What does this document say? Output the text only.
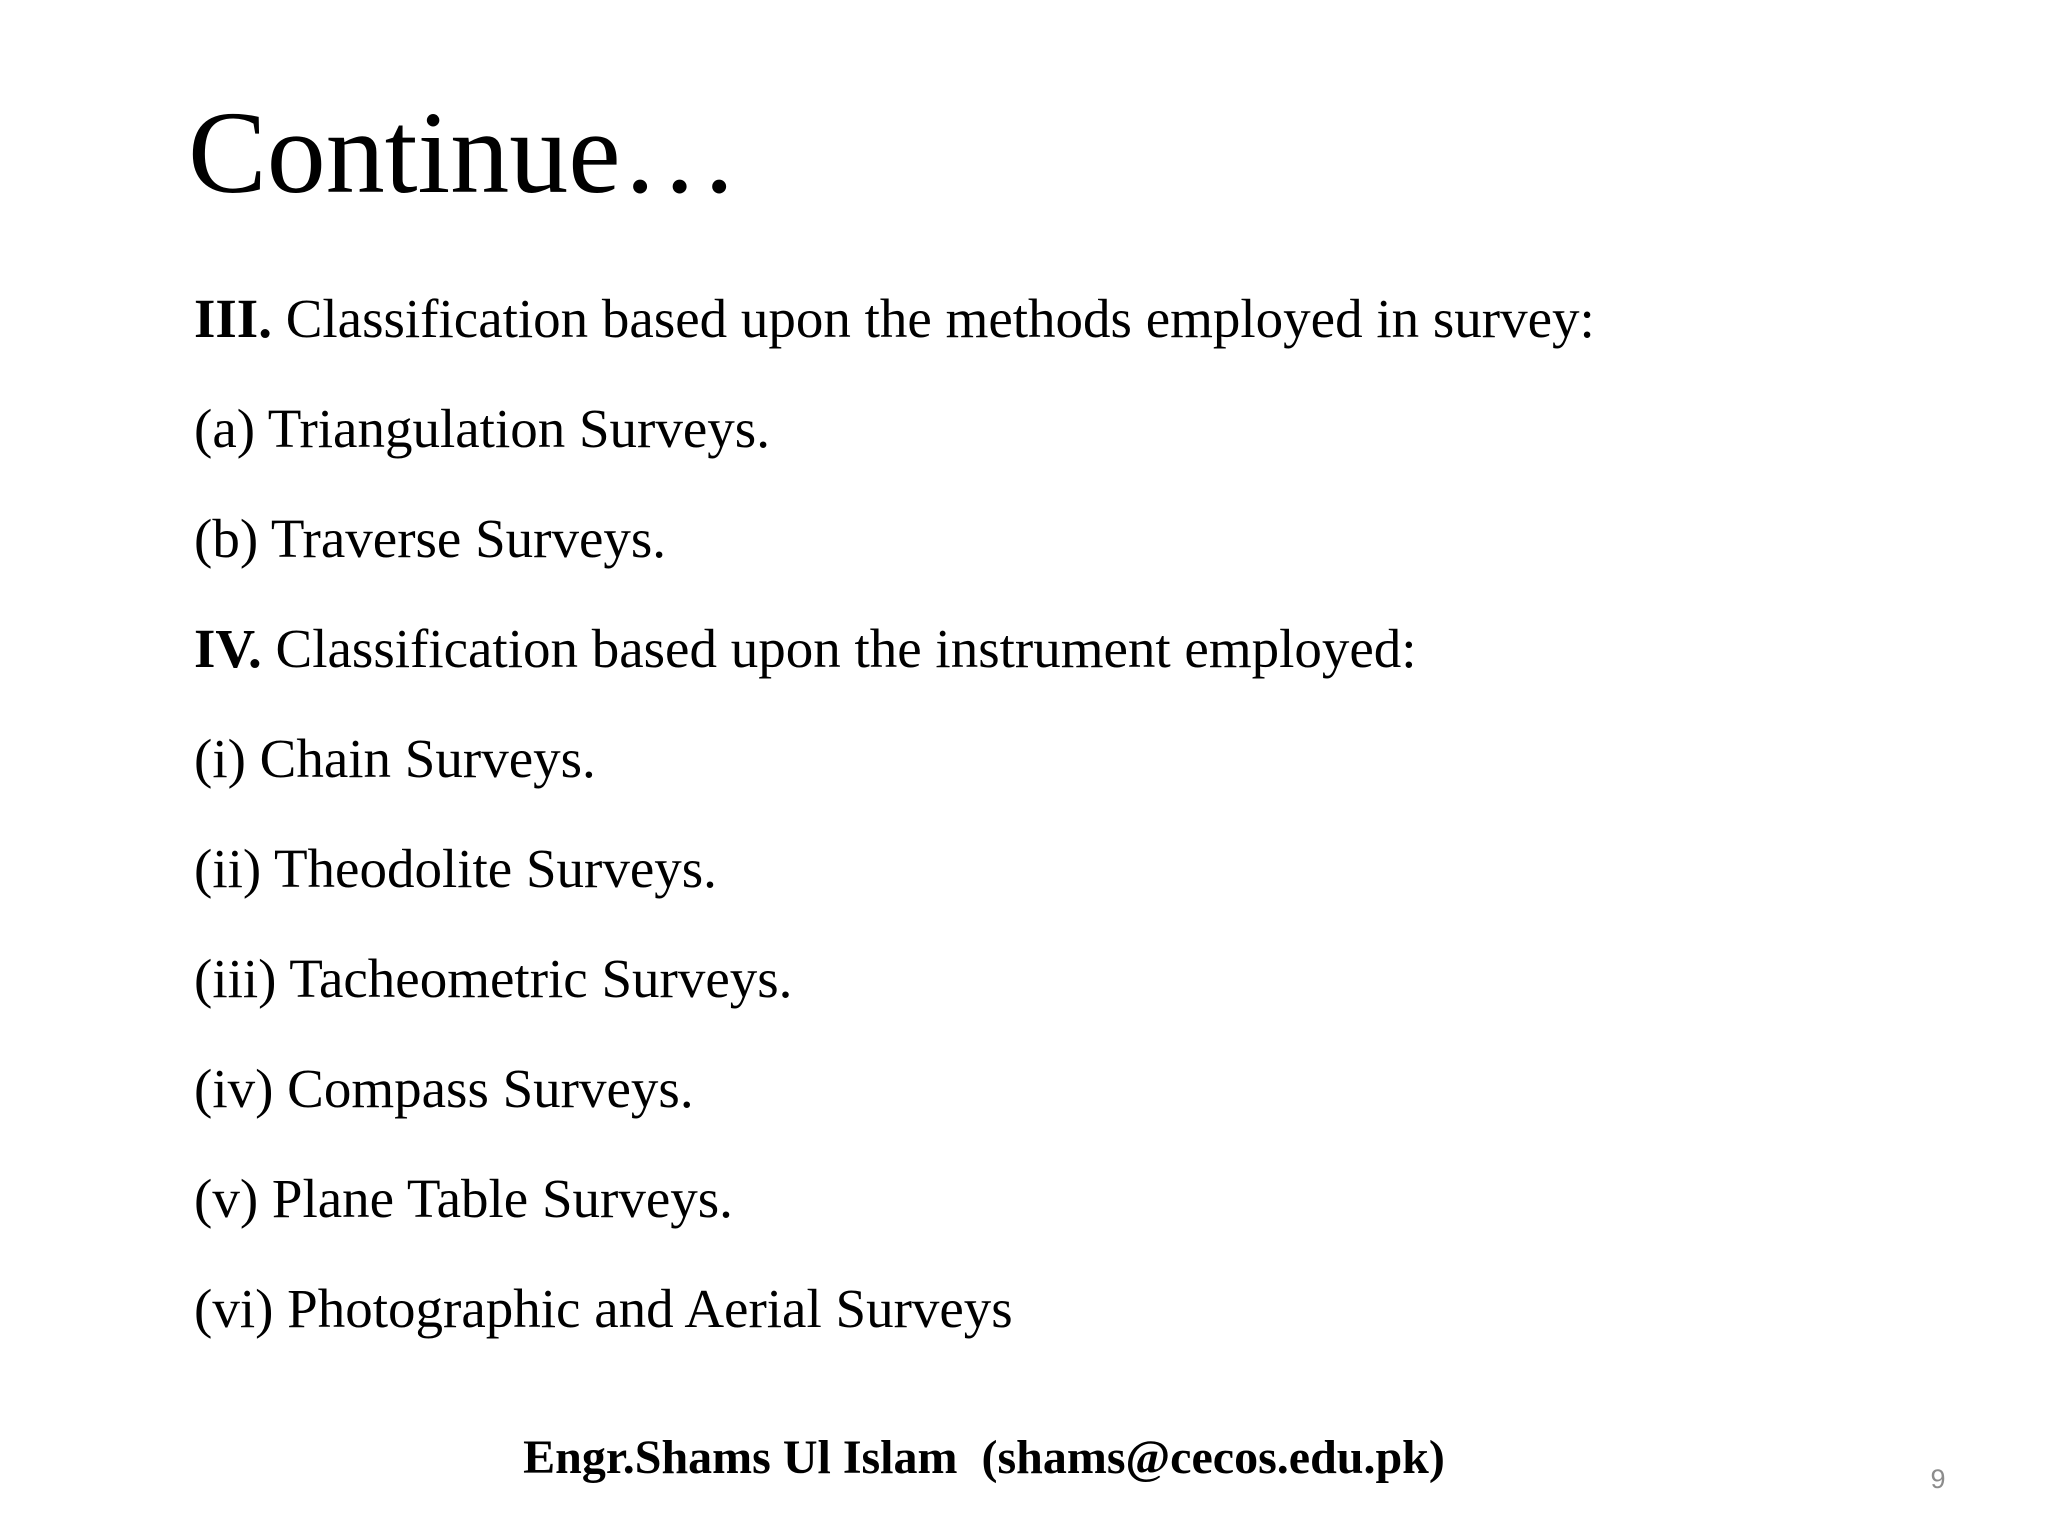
Continue…
III. Classification based upon the methods employed in survey:
(a) Triangulation Surveys.
(b) Traverse Surveys.
IV. Classification based upon the instrument employed:
(i) Chain Surveys.
(ii) Theodolite Surveys.
(iii) Tacheometric Surveys.
(iv) Compass Surveys.
(v) Plane Table Surveys.
(vi) Photographic and Aerial Surveys
Engr.Shams Ul Islam  (shams@cecos.edu.pk)	9
